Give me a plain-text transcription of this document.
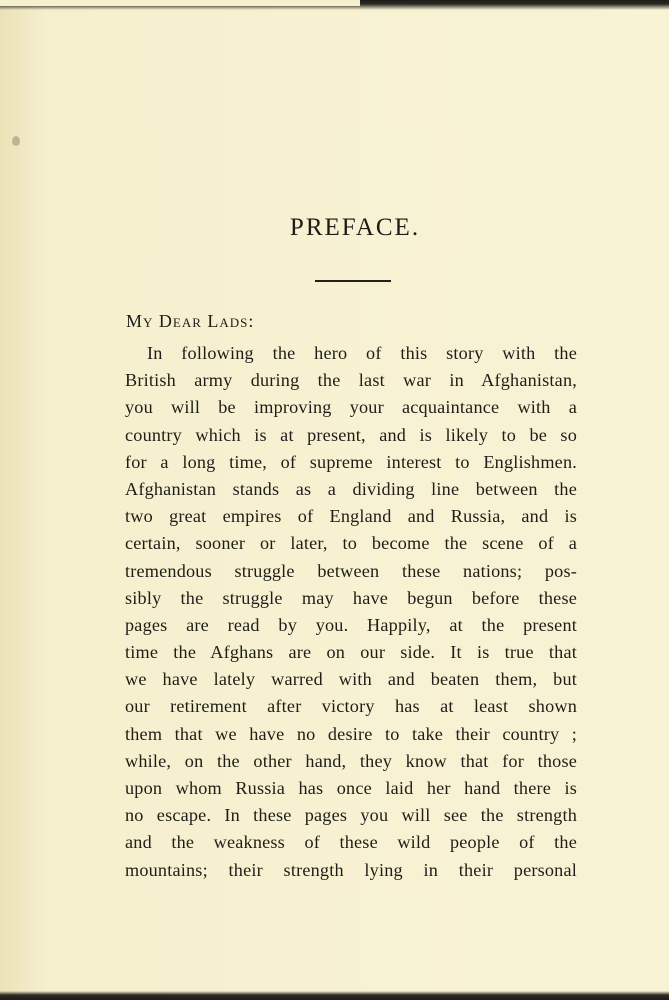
PREFACE.
My Dear Lads:
In following the hero of this story with the
British army during the last war in Afghanistan,
you will be improving your acquaintance with a
country which is at present, and is likely to be so
for a long time, of supreme interest to Englishmen.
Afghanistan stands as a dividing line between the
two great empires of England and Russia, and is
certain, sooner or later, to become the scene of a
tremendous struggle between these nations; pos-
sibly the struggle may have begun before these
pages are read by you. Happily, at the present
time the Afghans are on our side. It is true that
we have lately warred with and beaten them, but
our retirement after victory has at least shown
them that we have no desire to take their country ;
while, on the other hand, they know that for those
upon whom Russia has once laid her hand there is
no escape. In these pages you will see the strength
and the weakness of these wild people of the
mountains; their strength lying in their personal
